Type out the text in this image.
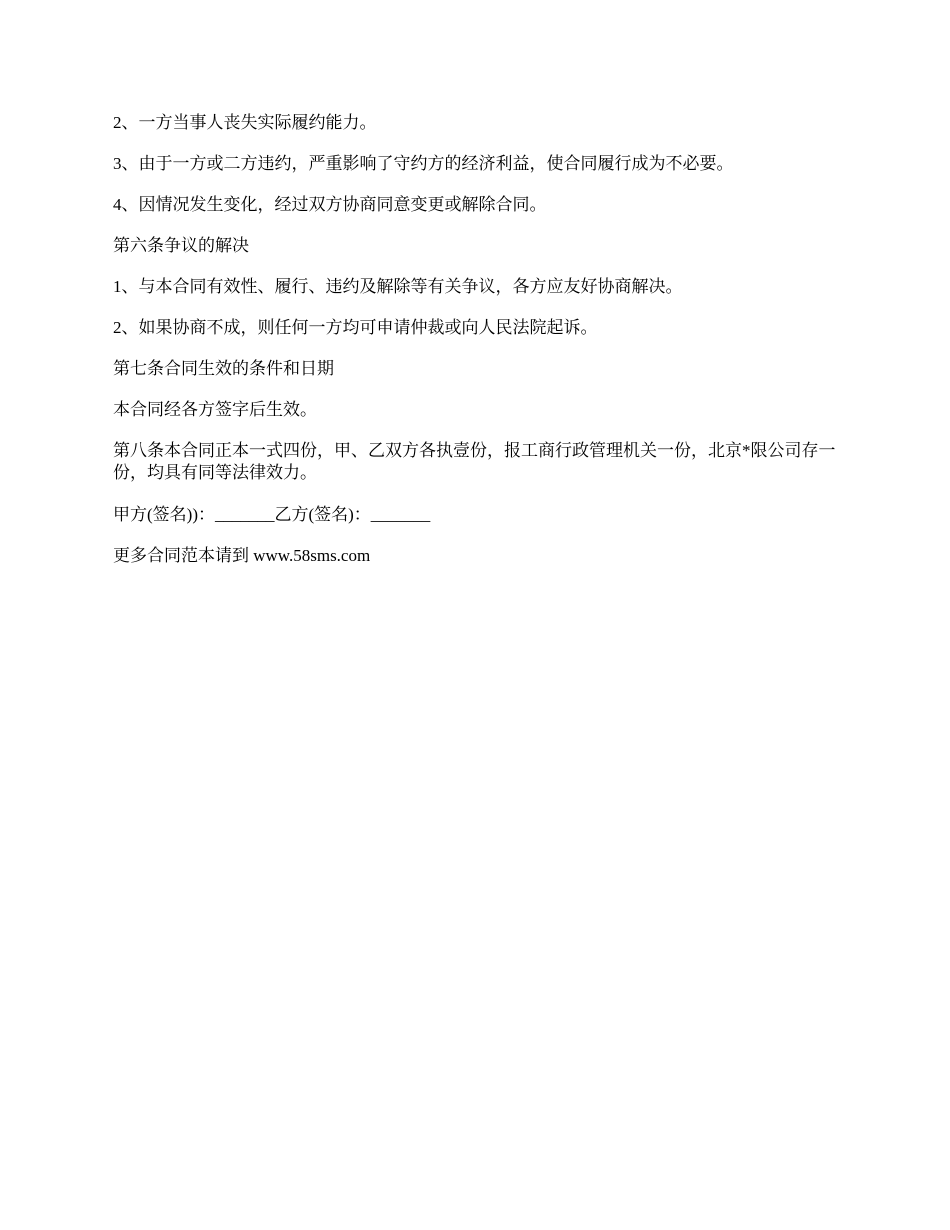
2、一方当事人丧失实际履约能力。

3、由于一方或二方违约，严重影响了守约方的经济利益，使合同履行成为不必要。

4、因情况发生变化，经过双方协商同意变更或解除合同。

第六条争议的解决

1、与本合同有效性、履行、违约及解除等有关争议，各方应友好协商解决。

2、如果协商不成，则任何一方均可申请仲裁或向人民法院起诉。

第七条合同生效的条件和日期

本合同经各方签字后生效。

第八条本合同正本一式四份，甲、乙双方各执壹份，报工商行政管理机关一份，北京*限公司存一份，均具有同等法律效力。

甲方(签名))：_______乙方(签名)：_______

更多合同范本请到 www.58sms.com
